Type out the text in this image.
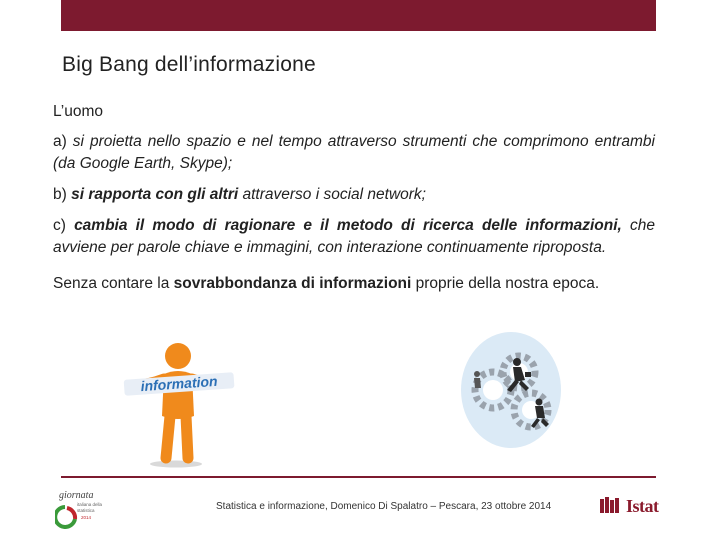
Big Bang dell’informazione

L’uomo

a) si proietta nello spazio e nel tempo attraverso strumenti che comprimono entrambi (da Google Earth, Skype);

b) si rapporta con gli altri attraverso i social network;

c) cambia il modo di ragionare e il metodo di ricerca delle informazioni, che avviene per parole chiave e immagini, con interazione continuamente riproposta.

Senza contare la sovrabbondanza di informazioni proprie della nostra epoca.

information
giornata
italiana della
statistica
2014
Statistica e informazione, Domenico Di Spalatro – Pescara, 23 ottobre 2014	Istat
